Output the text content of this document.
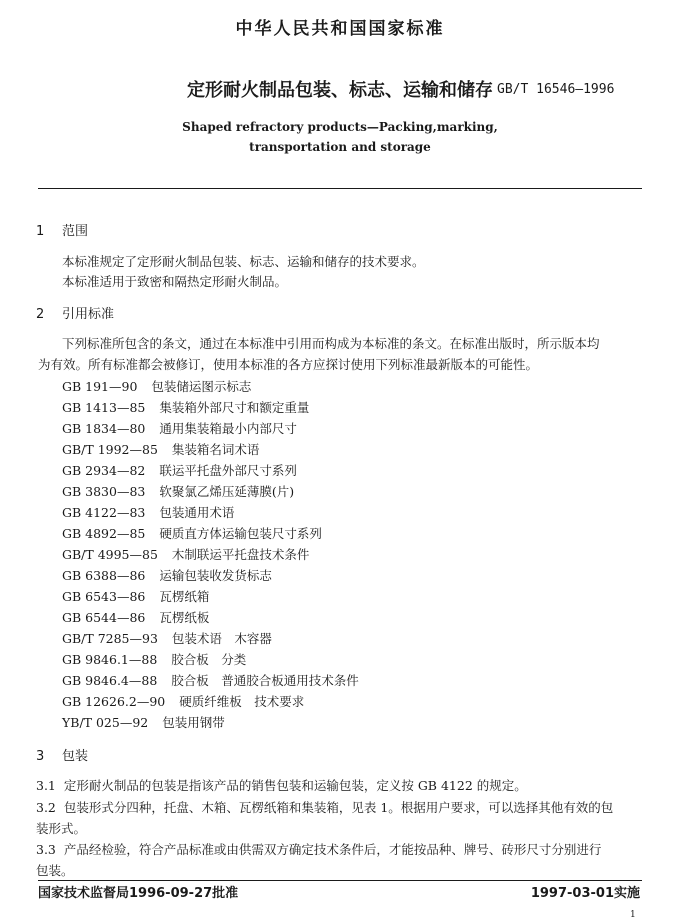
中华人民共和国国家标准
定形耐火制品包装、标志、运输和储存 GB/T 16546—1996
Shaped refractory products—Packing,marking,
transportation and storage
1 范围
本标准规定了定形耐火制品包装、标志、运输和储存的技术要求。
本标准适用于致密和隔热定形耐火制品。
2 引用标准
下列标准所包含的条文，通过在本标准中引用而构成为本标准的条文。在标准出版时，所示版本均
为有效。所有标准都会被修订，使用本标准的各方应探讨使用下列标准最新版本的可能性。
GB 191—90 包装储运图示标志
GB 1413—85 集装箱外部尺寸和额定重量
GB 1834—80 通用集装箱最小内部尺寸
GB/T 1992—85 集装箱名词术语
GB 2934—82 联运平托盘外部尺寸系列
GB 3830—83 软聚氯乙烯压延薄膜(片)
GB 4122—83 包装通用术语
GB 4892—85 硬质直方体运输包装尺寸系列
GB/T 4995—85 木制联运平托盘技术条件
GB 6388—86 运输包装收发货标志
GB 6543—86 瓦楞纸箱
GB 6544—86 瓦楞纸板
GB/T 7285—93 包装术语　木容器
GB 9846.1—88 胶合板　分类
GB 9846.4—88 胶合板　普通胶合板通用技术条件
GB 12626.2—90 硬质纤维板　技术要求
YB/T 025—92 包装用钢带
3 包装
3.1 定形耐火制品的包装是指该产品的销售包装和运输包装，定义按 GB 4122 的规定。
3.2 包装形式分四种，托盘、木箱、瓦楞纸箱和集装箱，见表 1。根据用户要求，可以选择其他有效的包
装形式。
3.3 产品经检验，符合产品标准或由供需双方确定技术条件后，才能按品种、牌号、砖形尺寸分别进行
包装。
国家技术监督局1996-09-27批准	1997-03-01实施
1
